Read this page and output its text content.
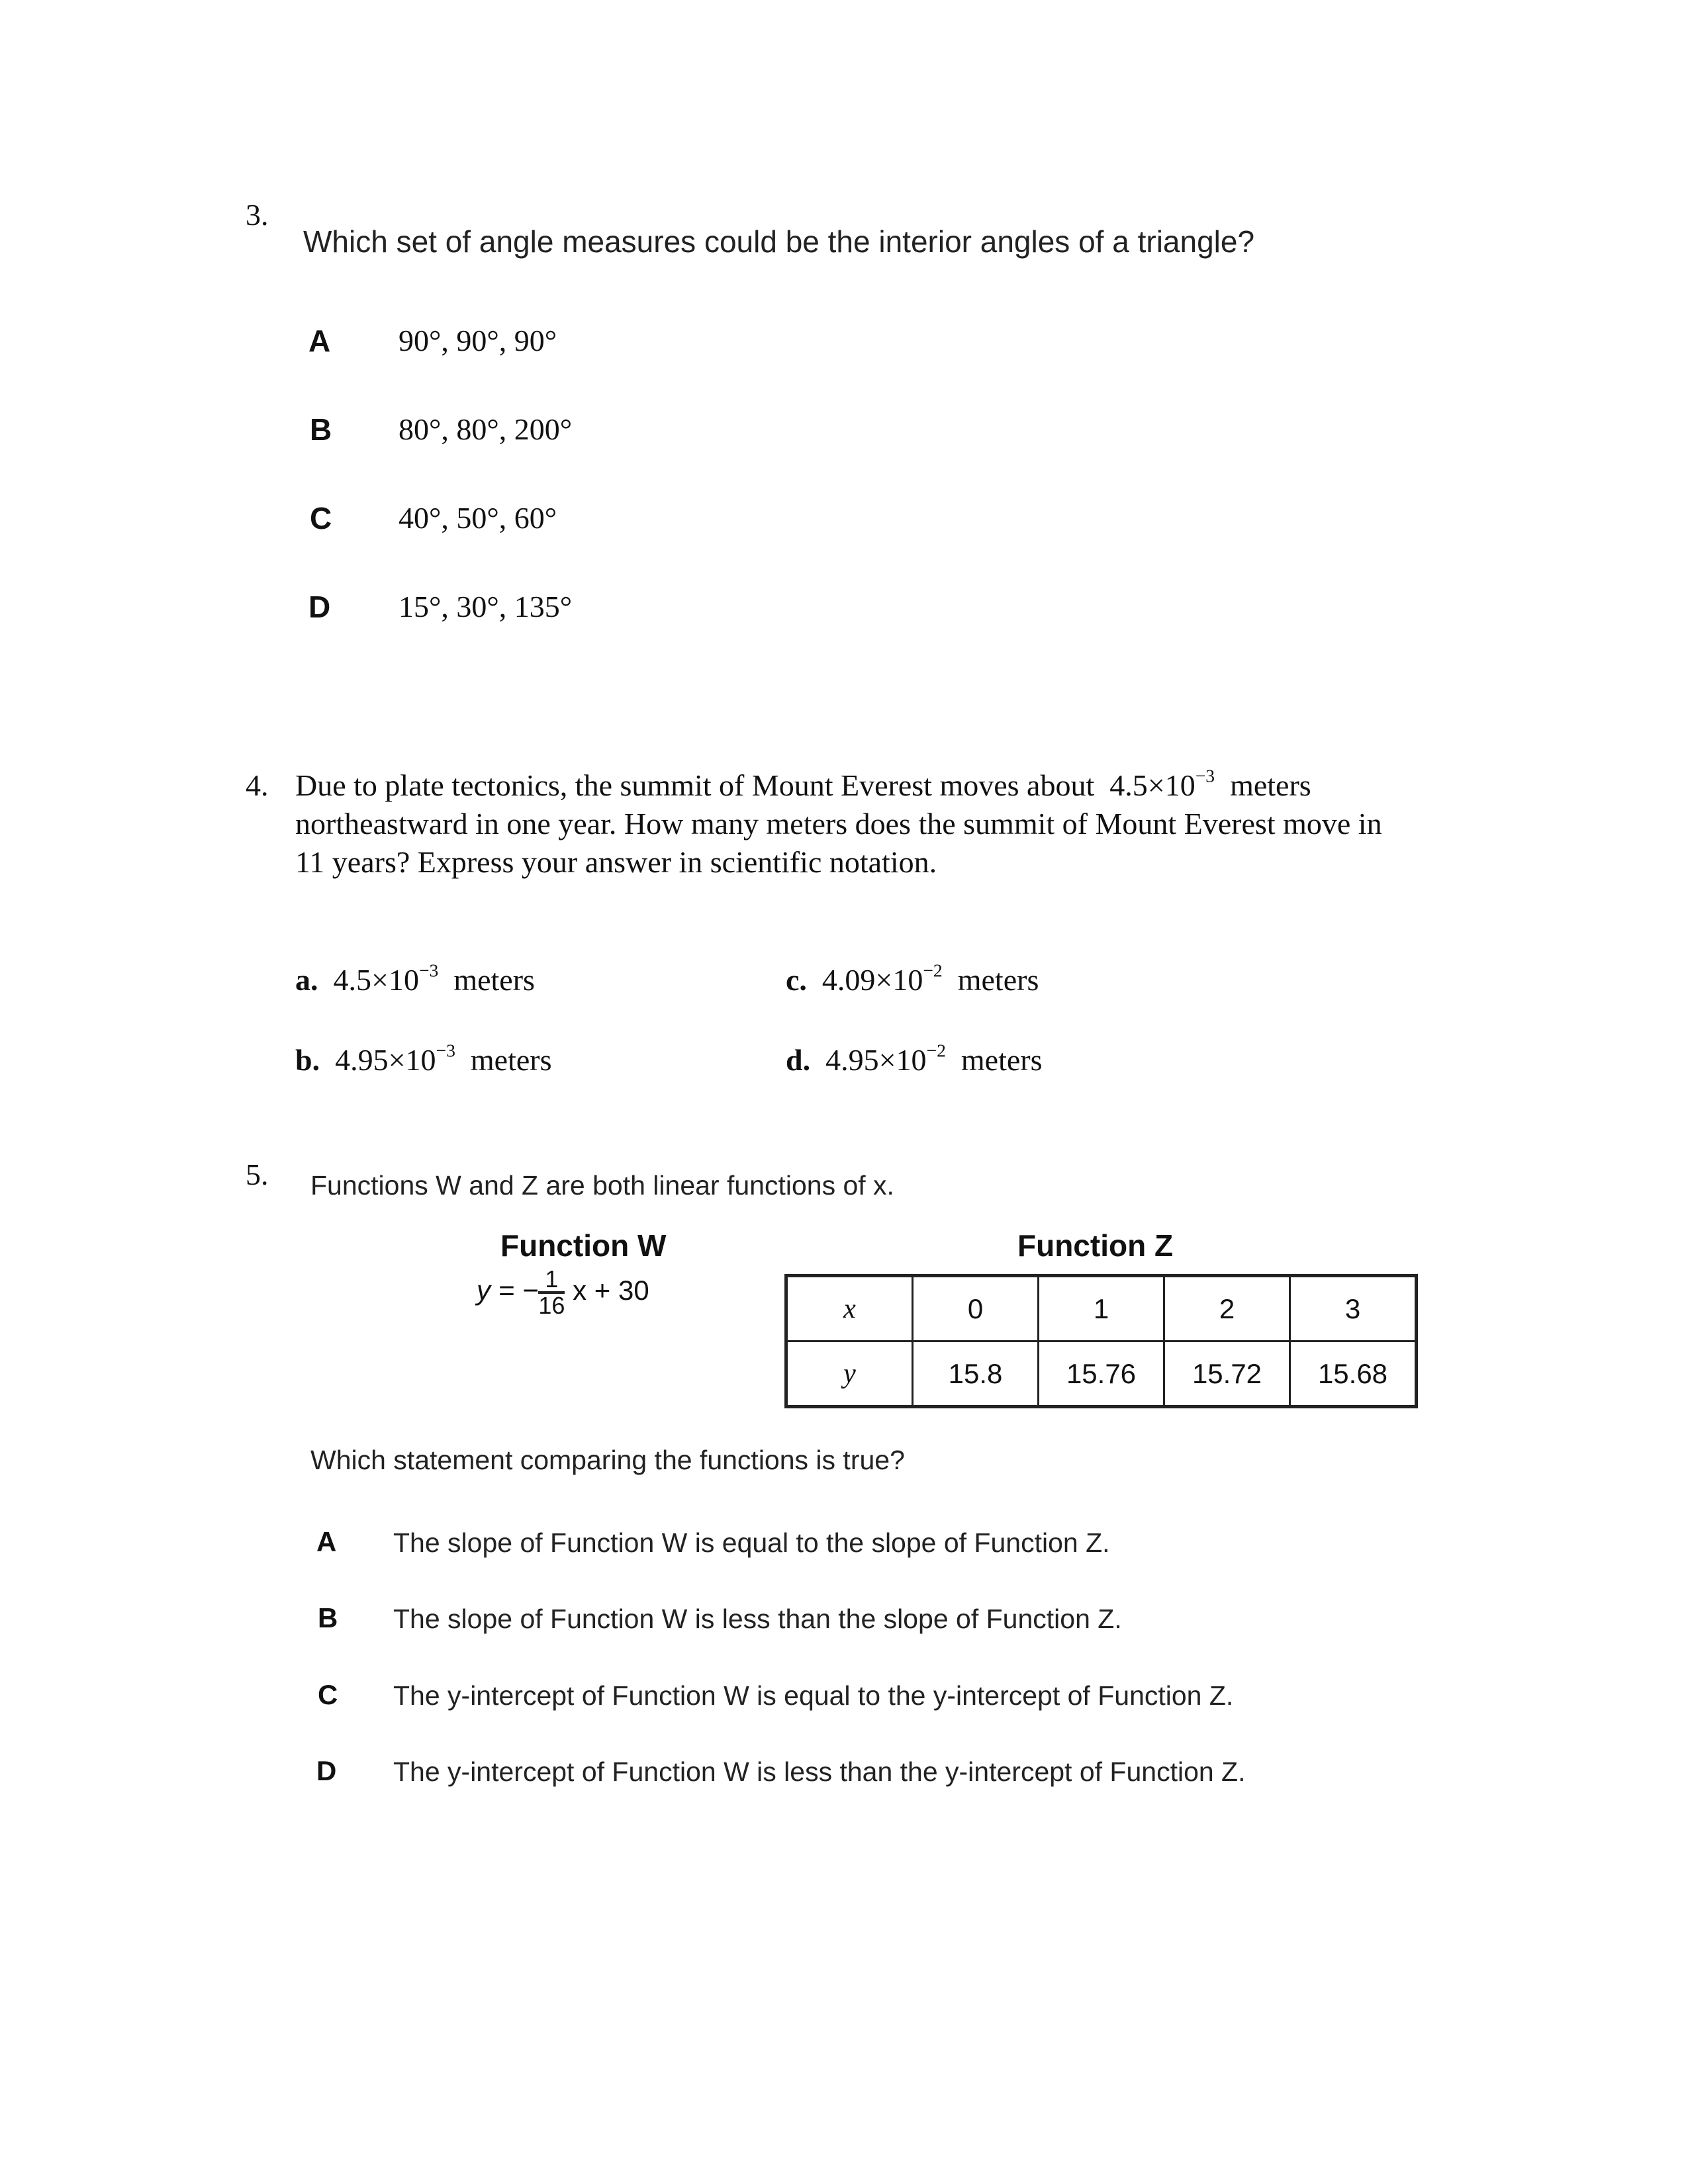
3.
Which set of angle measures could be the interior angles of a triangle?
A 90°, 90°, 90°
B 80°, 80°, 200°
C 40°, 50°, 60°
D 15°, 30°, 135°
4. Due to plate tectonics, the summit of Mount Everest moves about $4.5\times 10^{-3}$ meters
northeastward in one year. How many meters does the summit of Mount Everest move in
11 years? Express your answer in scientific notation.
a. $4.5\times 10^{-3}$ meters
b. $4.95\times 10^{-3}$ meters
c. $4.09\times 10^{-2}$ meters
d. $4.95\times 10^{-2}$ meters
5. Functions W and Z are both linear functions of x.
Function W	Function Z
y = − $\frac{1}{16}$ x + 30
x	0	1	2	3
y	15.8	15.76	15.72	15.68
Which statement comparing the functions is true?
A The slope of Function W is equal to the slope of Function Z.
B The slope of Function W is less than the slope of Function Z.
C The y-intercept of Function W is equal to the y-intercept of Function Z.
D The y-intercept of Function W is less than the y-intercept of Function Z.
